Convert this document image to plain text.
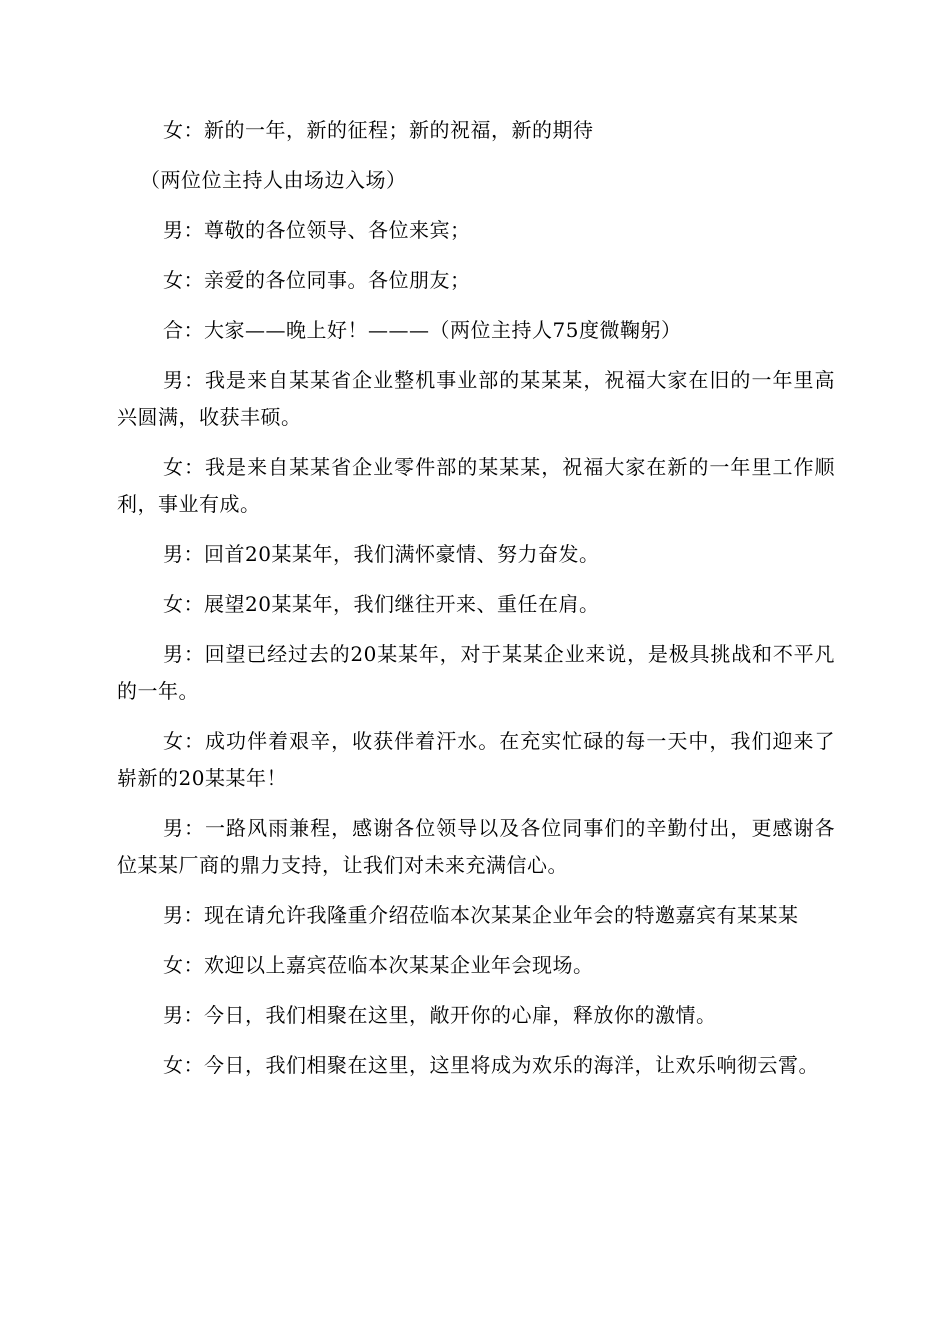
女：新的一年，新的征程；新的祝福，新的期待

（两位位主持人由场边入场）

男：尊敬的各位领导、各位来宾；

女：亲爱的各位同事。各位朋友；

合：大家——晚上好！———（两位主持人75度微鞠躬）

男：我是来自某某省企业整机事业部的某某某，祝福大家在旧的一年里高兴圆满，收获丰硕。

女：我是来自某某省企业零件部的某某某，祝福大家在新的一年里工作顺利，事业有成。

男：回首20某某年，我们满怀豪情、努力奋发。

女：展望20某某年，我们继往开来、重任在肩。

男：回望已经过去的20某某年，对于某某企业来说，是极具挑战和不平凡的一年。

女：成功伴着艰辛，收获伴着汗水。在充实忙碌的每一天中，我们迎来了崭新的20某某年！

男：一路风雨兼程，感谢各位领导以及各位同事们的辛勤付出，更感谢各位某某厂商的鼎力支持，让我们对未来充满信心。

男：现在请允许我隆重介绍莅临本次某某企业年会的特邀嘉宾有某某某

女：欢迎以上嘉宾莅临本次某某企业年会现场。

男：今日，我们相聚在这里，敞开你的心扉，释放你的激情。

女：今日，我们相聚在这里，这里将成为欢乐的海洋，让欢乐响彻云霄。
